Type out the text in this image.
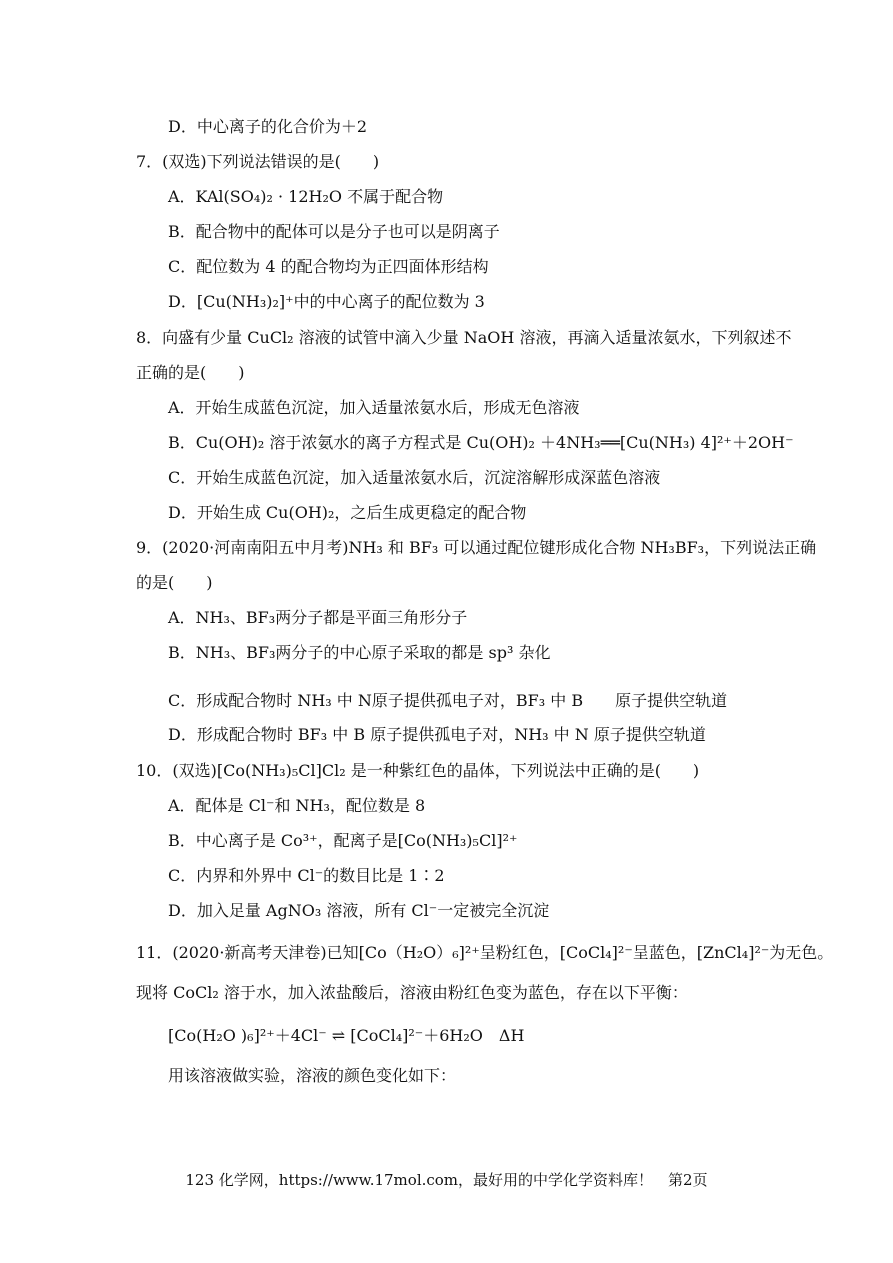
D．中心离子的化合价为＋2
7．(双选)下列说法错误的是(　　)
A．KAl(SO₄)₂ · 12H₂O 不属于配合物
B．配合物中的配体可以是分子也可以是阴离子
C．配位数为 4 的配合物均为正四面体形结构
D．[Cu(NH₃)₂]⁺中的中心离子的配位数为 3
8．向盛有少量 CuCl₂ 溶液的试管中滴入少量 NaOH 溶液，再滴入适量浓氨水，下列叙述不
正确的是(　　)
A．开始生成蓝色沉淀，加入适量浓氨水后，形成无色溶液
B．Cu(OH)₂ 溶于浓氨水的离子方程式是 Cu(OH)₂ ＋4NH₃══[Cu(NH₃) 4]²⁺＋2OH⁻
C．开始生成蓝色沉淀，加入适量浓氨水后，沉淀溶解形成深蓝色溶液
D．开始生成 Cu(OH)₂，之后生成更稳定的配合物
9．(2020·河南南阳五中月考)NH₃ 和 BF₃ 可以通过配位键形成化合物 NH₃BF₃，下列说法正确
的是(　　)
A．NH₃、BF₃两分子都是平面三角形分子
B．NH₃、BF₃两分子的中心原子采取的都是 sp³ 杂化
C．形成配合物时 NH₃ 中 N原子提供孤电子对，BF₃ 中 B　　原子提供空轨道
D．形成配合物时 BF₃ 中 B 原子提供孤电子对，NH₃ 中 N 原子提供空轨道
10．(双选)[Co(NH₃)₅Cl]Cl₂ 是一种紫红色的晶体，下列说法中正确的是(　　)
A．配体是 Cl⁻和 NH₃，配位数是 8
B．中心离子是 Co³⁺，配离子是[Co(NH₃)₅Cl]²⁺
C．内界和外界中 Cl⁻的数目比是 1∶2
D．加入足量 AgNO₃ 溶液，所有 Cl⁻一定被完全沉淀
11．(2020·新高考天津卷)已知[Co（H₂O）₆]²⁺呈粉红色，[CoCl₄]²⁻呈蓝色，[ZnCl₄]²⁻为无色。
现将 CoCl₂ 溶于水，加入浓盐酸后，溶液由粉红色变为蓝色，存在以下平衡：
[Co(H₂O )₆]²⁺＋4Cl⁻ ⇌ [CoCl₄]²⁻＋6H₂O　ΔH
用该溶液做实验，溶液的颜色变化如下：
123 化学网，https://www.17mol.com，最好用的中学化学资料库！　第2页
